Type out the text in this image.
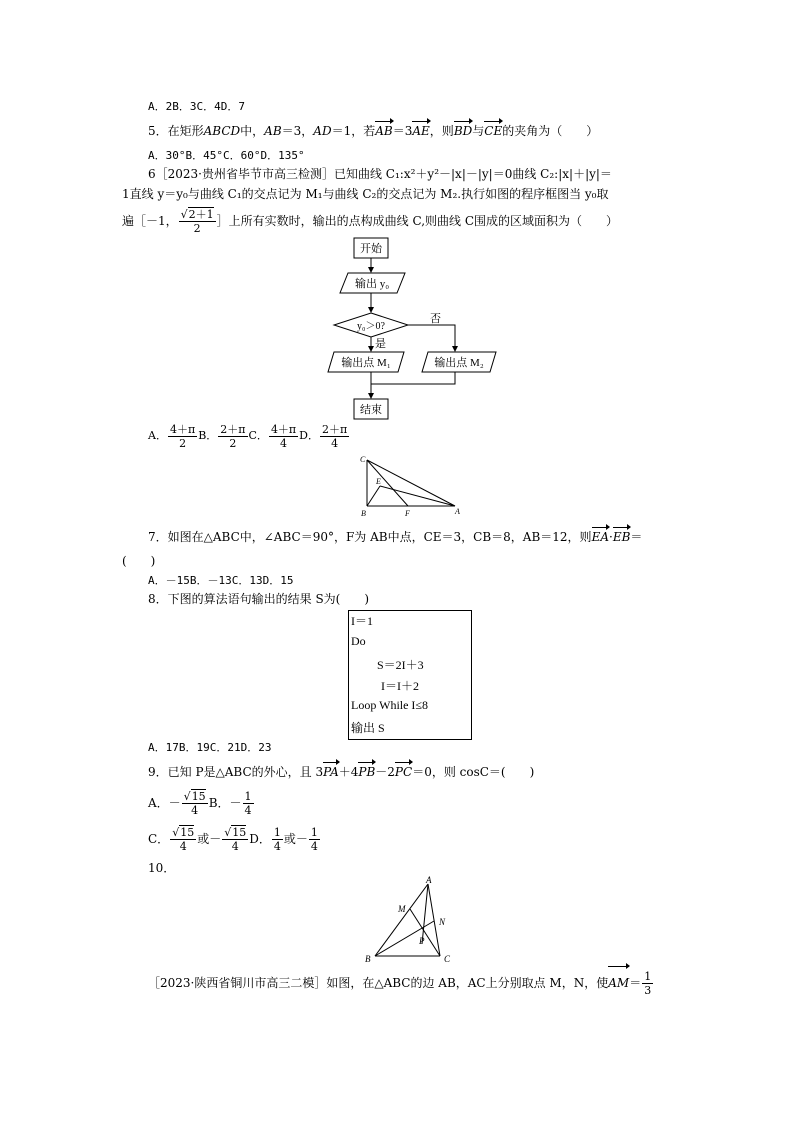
A．2B．3C．4D．7
5．在矩形ABCD中，AB＝3，AD＝1，若AB＝3AE，则BD与CE的夹角为（　　）
A．30°B．45°C．60°D．135°
6［2023·贵州省毕节市高三检测］已知曲线 C₁:x²＋y²－|x|－|y|＝0曲线 C₂:|x|＋|y|＝
1直线 y＝y₀与曲线 C₁的交点记为 M₁与曲线 C₂的交点记为 M₂.执行如图的程序框图当 y₀取
遍［－1， $\frac{√2+1}{2}$ ］上所有实数时，输出的点构成曲线 C,则曲线 C围成的区域面积为（　　）
开始
输出 y₀
y₀＞0?
否
是
输出点 M₁	输出点 M₂
结束
A． $\frac{4+\pi}{2}$ B． $\frac{2+\pi}{2}$ C． $\frac{4+\pi}{4}$ D． $\frac{2+\pi}{4}$
C
E
B	F	A
7．如图在△ABC中，∠ABC＝90°，F为 AB中点，CE＝3，CB＝8，AB＝12，则EA·EB＝
(　　)
A．－15B．－13C．13D．15
8．下图的算法语句输出的结果 S为(　　)
I＝1
Do
S＝2I＋3
I＝I＋2
Loop While I≤8
输出 S
A．17B．19C．21D．23
9．已知 P是△ABC的外心，且 3PA＋4PB－2PC＝0，则 cosC＝(　　)
A．－ $\frac{√15}{4}$ B．－ $\frac{1}{4}$
C． $\frac{√15}{4}$ 或－ $\frac{√15}{4}$ D． $\frac{1}{4}$ 或－ $\frac{1}{4}$
10．
A
M
N
P
B	C
［2023·陕西省铜川市高三二模］如图，在△ABC的边 AB，AC上分别取点 M，N，使$AM= \frac{1}{3}$
